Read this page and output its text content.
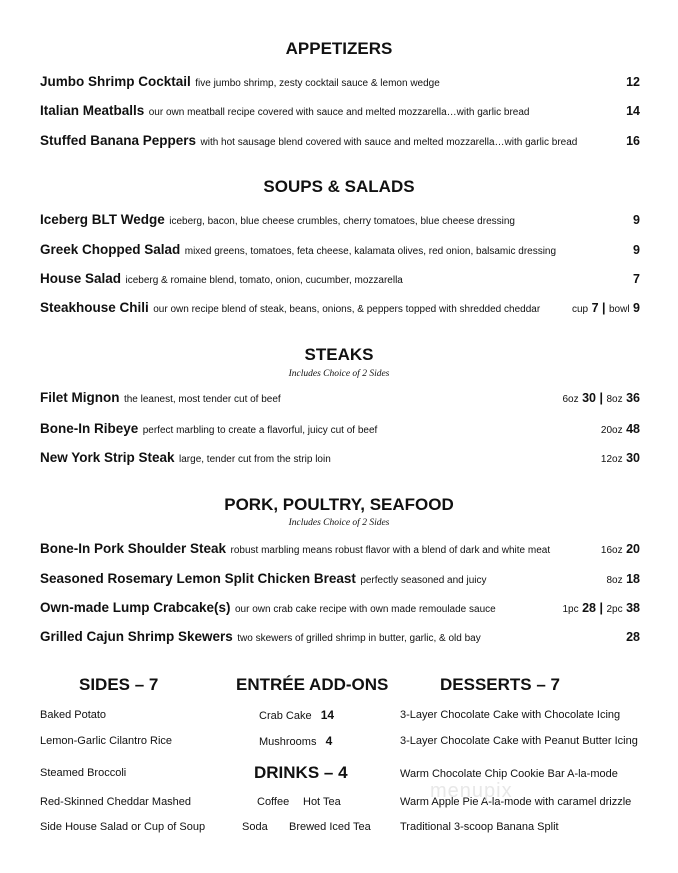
APPETIZERS
Jumbo Shrimp Cocktail five jumbo shrimp, zesty cocktail sauce & lemon wedge	12
Italian Meatballs our own meatball recipe covered with sauce and melted mozzarella…with garlic bread	14
Stuffed Banana Peppers with hot sausage blend covered with sauce and melted mozzarella…with garlic bread	16
SOUPS & SALADS
Iceberg BLT Wedge iceberg, bacon, blue cheese crumbles, cherry tomatoes, blue cheese dressing	9
Greek Chopped Salad mixed greens, tomatoes, feta cheese, kalamata olives, red onion, balsamic dressing	9
House Salad iceberg & romaine blend, tomato, onion, cucumber, mozzarella	7
Steakhouse Chili our own recipe blend of steak, beans, onions, & peppers topped with shredded cheddar	cup 7 | bowl 9
STEAKS
Includes Choice of 2 Sides
Filet Mignon the leanest, most tender cut of beef	6oz 30 | 8oz 36
Bone-In Ribeye perfect marbling to create a flavorful, juicy cut of beef	20oz 48
New York Strip Steak large, tender cut from the strip loin	12oz 30
PORK, POULTRY, SEAFOOD
Includes Choice of 2 Sides
Bone-In Pork Shoulder Steak robust marbling means robust flavor with a blend of dark and white meat	16oz 20
Seasoned Rosemary Lemon Split Chicken Breast perfectly seasoned and juicy	8oz 18
Own-made Lump Crabcake(s) our own crab cake recipe with own made remoulade sauce	1pc 28 | 2pc 38
Grilled Cajun Shrimp Skewers two skewers of grilled shrimp in butter, garlic, & old bay	28
SIDES – 7	ENTRÉE ADD-ONS	DESSERTS – 7
Baked Potato
Lemon-Garlic Cilantro Rice
Steamed Broccoli
Red-Skinned Cheddar Mashed
Side House Salad or Cup of Soup
Crab Cake 14
Mushrooms 4
DRINKS – 4
Coffee Hot Tea
Soda Brewed Iced Tea
3-Layer Chocolate Cake with Chocolate Icing
3-Layer Chocolate Cake with Peanut Butter Icing
Warm Chocolate Chip Cookie Bar A-la-mode
Warm Apple Pie A-la-mode with caramel drizzle
Traditional 3-scoop Banana Split
menupix
